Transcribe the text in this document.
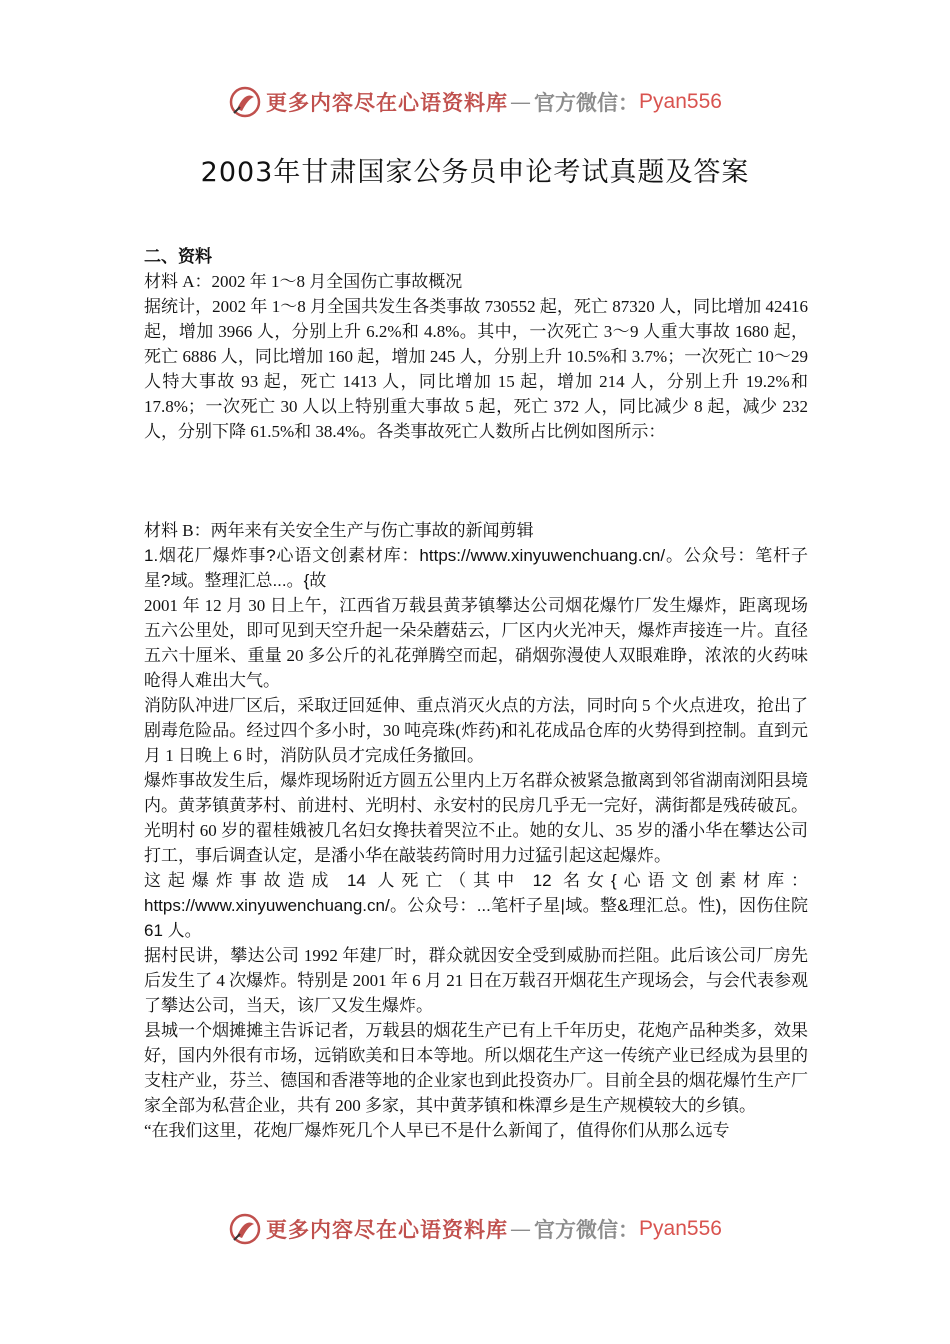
更多内容尽在心语资料库 — 官方微信： Pyan556
2003年甘肃国家公务员申论考试真题及答案

二、资料

材料 A：2002 年 1～8 月全国伤亡事故概况

据统计，2002 年 1～8 月全国共发生各类事故 730552 起，死亡 87320 人，同比增加 42416 起，增加 3966 人，分别上升 6.2%和 4.8%。其中，一次死亡 3～9 人重大事故 1680 起，死亡 6886 人，同比增加 160 起，增加 245 人，分别上升 10.5%和 3.7%；一次死亡 10～29 人特大事故 93 起，死亡 1413 人，同比增加 15 起，增加 214 人，分别上升 19.2%和 17.8%；一次死亡 30 人以上特别重大事故 5 起，死亡 372 人，同比减少 8 起，减少 232 人，分别下降 61.5%和 38.4%。各类事故死亡人数所占比例如图所示：

材料 B：两年来有关安全生产与伤亡事故的新闻剪辑

1.烟花厂爆炸事?心语文创素材库：https://www.xinyuwenchuang.cn/。公众号：笔杆子星?域。整理汇总...。{故

2001 年 12 月 30 日上午，江西省万载县黄茅镇攀达公司烟花爆竹厂发生爆炸，距离现场五六公里处，即可见到天空升起一朵朵蘑菇云，厂区内火光冲天，爆炸声接连一片。直径五六十厘米、重量 20 多公斤的礼花弹腾空而起，硝烟弥漫使人双眼难睁，浓浓的火药味呛得人难出大气。

消防队冲进厂区后，采取迂回延伸、重点消灭火点的方法，同时向 5 个火点进攻，抢出了剧毒危险品。经过四个多小时，30 吨亮珠(炸药)和礼花成品仓库的火势得到控制。直到元月 1 日晚上 6 时，消防队员才完成任务撤回。

爆炸事故发生后，爆炸现场附近方圆五公里内上万名群众被紧急撤离到邻省湖南浏阳县境内。黄茅镇黄茅村、前进村、光明村、永安村的民房几乎无一完好，满街都是残砖破瓦。光明村 60 岁的翟桂娥被几名妇女搀扶着哭泣不止。她的女儿、35 岁的潘小华在攀达公司打工，事后调查认定，是潘小华在敲装药筒时用力过猛引起这起爆炸。

这起爆炸事故造成 14 人死亡（其中 12 名女{心语文创素材库：https://www.xinyuwenchuang.cn/。公众号：...笔杆子星|域。整&理汇总。性)，因伤住院 61 人。

据村民讲，攀达公司 1992 年建厂时，群众就因安全受到威胁而拦阻。此后该公司厂房先后发生了 4 次爆炸。特别是 2001 年 6 月 21 日在万载召开烟花生产现场会，与会代表参观了攀达公司，当天，该厂又发生爆炸。

县城一个烟摊摊主告诉记者，万载县的烟花生产已有上千年历史，花炮产品种类多，效果好，国内外很有市场，远销欧美和日本等地。所以烟花生产这一传统产业已经成为县里的支柱产业，芬兰、德国和香港等地的企业家也到此投资办厂。目前全县的烟花爆竹生产厂家全部为私营企业，共有 200 多家，其中黄茅镇和株潭乡是生产规模较大的乡镇。

“在我们这里，花炮厂爆炸死几个人早已不是什么新闻了，值得你们从那么远专

更多内容尽在心语资料库 — 官方微信： Pyan556
